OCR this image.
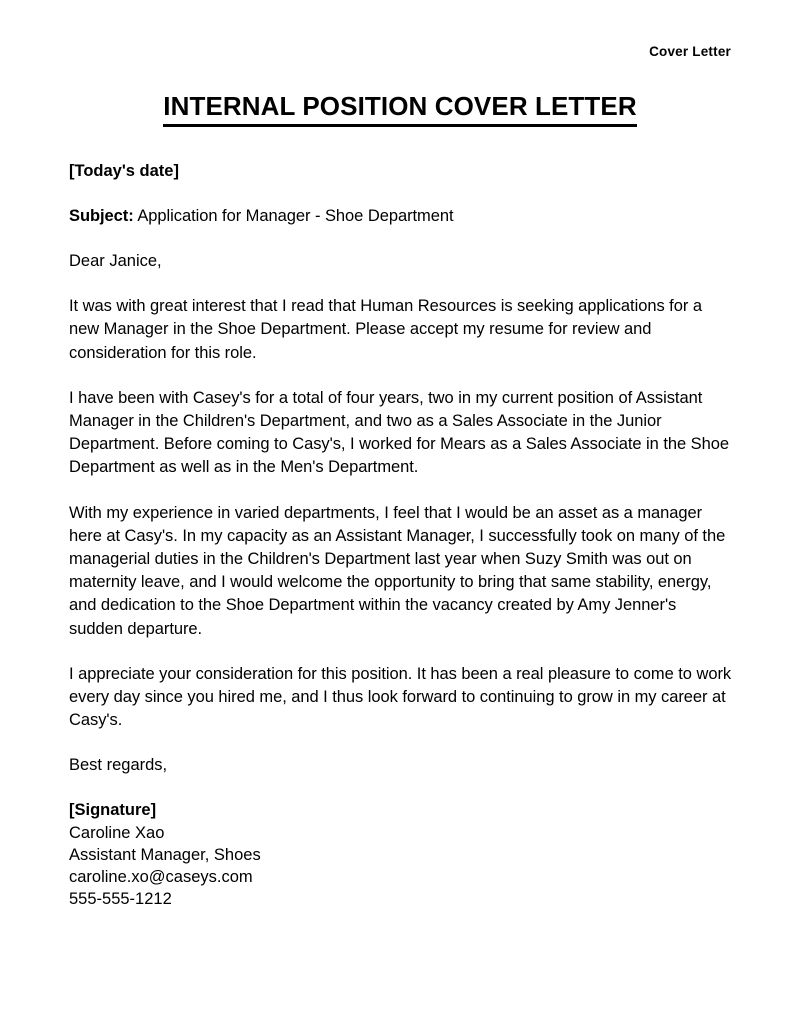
Cover Letter
INTERNAL POSITION COVER LETTER

[Today's date]

Subject: Application for Manager - Shoe Department

Dear Janice,

It was with great interest that I read that Human Resources is seeking applications for a new Manager in the Shoe Department. Please accept my resume for review and consideration for this role.

I have been with Casey's for a total of four years, two in my current position of Assistant Manager in the Children's Department, and two as a Sales Associate in the Junior Department. Before coming to Casy's, I worked for Mears as a Sales Associate in the Shoe Department as well as in the Men's Department.

With my experience in varied departments, I feel that I would be an asset as a manager here at Casy's. In my capacity as an Assistant Manager, I successfully took on many of the managerial duties in the Children's Department last year when Suzy Smith was out on maternity leave, and I would welcome the opportunity to bring that same stability, energy, and dedication to the Shoe Department within the vacancy created by Amy Jenner's sudden departure.

I appreciate your consideration for this position. It has been a real pleasure to come to work every day since you hired me, and I thus look forward to continuing to grow in my career at Casy's.

Best regards,

[Signature]
Caroline Xao
Assistant Manager, Shoes
caroline.xo@caseys.com
555-555-1212
